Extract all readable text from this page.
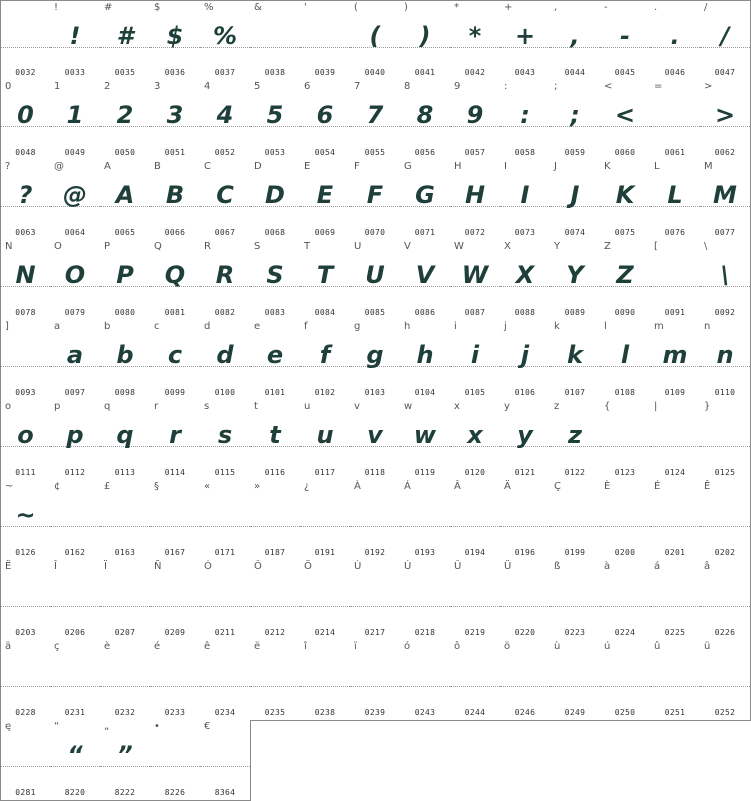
0032
!
!
0033
#
#
0035
$
$
0036
%
%
0037
&
0038
'
0039
(
(
0040
)
)
0041
*
*
0042
+
+
0043
,
,
0044
-
-
0045
.
.
0046
/
/
0047
0
0
0048
1
1
0049
2
2
0050
3
3
0051
4
4
0052
5
5
0053
6
6
0054
7
7
0055
8
8
0056
9
9
0057
:
:
0058
;
;
0059
<
<
0060
=
0061
>
>
0062
?
?
0063
@
@
0064
A
A
0065
B
B
0066
C
C
0067
D
D
0068
E
E
0069
F
F
0070
G
G
0071
H
H
0072
I
I
0073
J
J
0074
K
K
0075
L
L
0076
M
M
0077
N
N
0078
O
O
0079
P
P
0080
Q
Q
0081
R
R
0082
S
S
0083
T
T
0084
U
U
0085
V
V
0086
W
W
0087
X
X
0088
Y
Y
0089
Z
Z
0090
[
0091
\
\
0092
]
0093
a
a
0097
b
b
0098
c
c
0099
d
d
0100
e
e
0101
f
f
0102
g
g
0103
h
h
0104
i
i
0105
j
j
0106
k
k
0107
l
l
0108
m
m
0109
n
n
0110
o
o
0111
p
p
0112
q
q
0113
r
r
0114
s
s
0115
t
t
0116
u
u
0117
v
v
0118
w
w
0119
x
x
0120
y
y
0121
z
z
0122
{
0123
|
0124
}
0125
~
~
0126
¢
0162
£
0163
§
0167
«
0171
»
0187
¿
0191
À
0192
Á
0193
Â
0194
Ä
0196
Ç
0199
È
0200
É
0201
Ê
0202
Ë
0203
Î
0206
Ï
0207
Ñ
0209
Ó
0211
Ô
0212
Ö
0214
Ù
0217
Ú
0218
Û
0219
Ü
0220
ß
0223
à
0224
á
0225
â
0226
ä
0228
ç
0231
è
0232
é
0233
ê
0234
ë
0235
î
0238
ï
0239
ó
0243
ô
0244
ö
0246
ù
0249
ú
0250
û
0251
ü
0252
ę
0281
“
“
8220
„
”
8222
•
8226
€
8364
